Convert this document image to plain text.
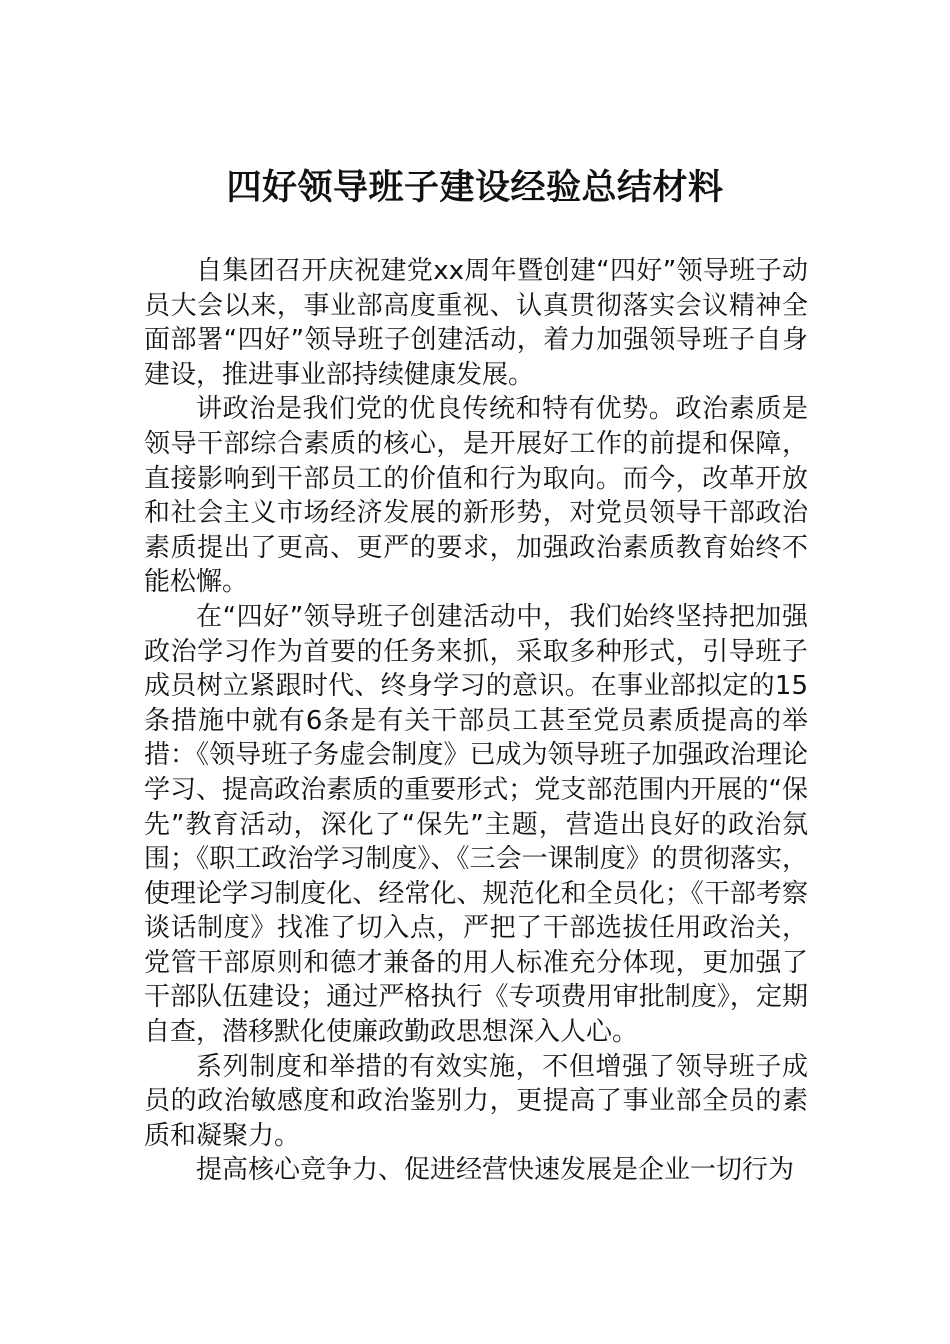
四好领导班子建设经验总结材料

自集团召开庆祝建党xx周年暨创建“四好”领导班子动员大会以来，事业部高度重视、认真贯彻落实会议精神全面部署“四好”领导班子创建活动，着力加强领导班子自身建设，推进事业部持续健康发展。

讲政治是我们党的优良传统和特有优势。政治素质是领导干部综合素质的核心，是开展好工作的前提和保障，直接影响到干部员工的价值和行为取向。而今，改革开放和社会主义市场经济发展的新形势，对党员领导干部政治素质提出了更高、更严的要求，加强政治素质教育始终不能松懈。

在“四好”领导班子创建活动中，我们始终坚持把加强政治学习作为首要的任务来抓，采取多种形式，引导班子成员树立紧跟时代、终身学习的意识。在事业部拟定的15条措施中就有6条是有关干部员工甚至党员素质提高的举措：《领导班子务虚会制度》已成为领导班子加强政治理论学习、提高政治素质的重要形式；党支部范围内开展的“保先”教育活动，深化了“保先”主题，营造出良好的政治氛围；《职工政治学习制度》、《三会一课制度》的贯彻落实，使理论学习制度化、经常化、规范化和全员化；《干部考察谈话制度》找准了切入点，严把了干部选拔任用政治关，党管干部原则和德才兼备的用人标准充分体现，更加强了干部队伍建设；通过严格执行《专项费用审批制度》，定期自查，潜移默化使廉政勤政思想深入人心。

系列制度和举措的有效实施，不但增强了领导班子成员的政治敏感度和政治鉴别力，更提高了事业部全员的素质和凝聚力。

提高核心竞争力、促进经营快速发展是企业一切行为
